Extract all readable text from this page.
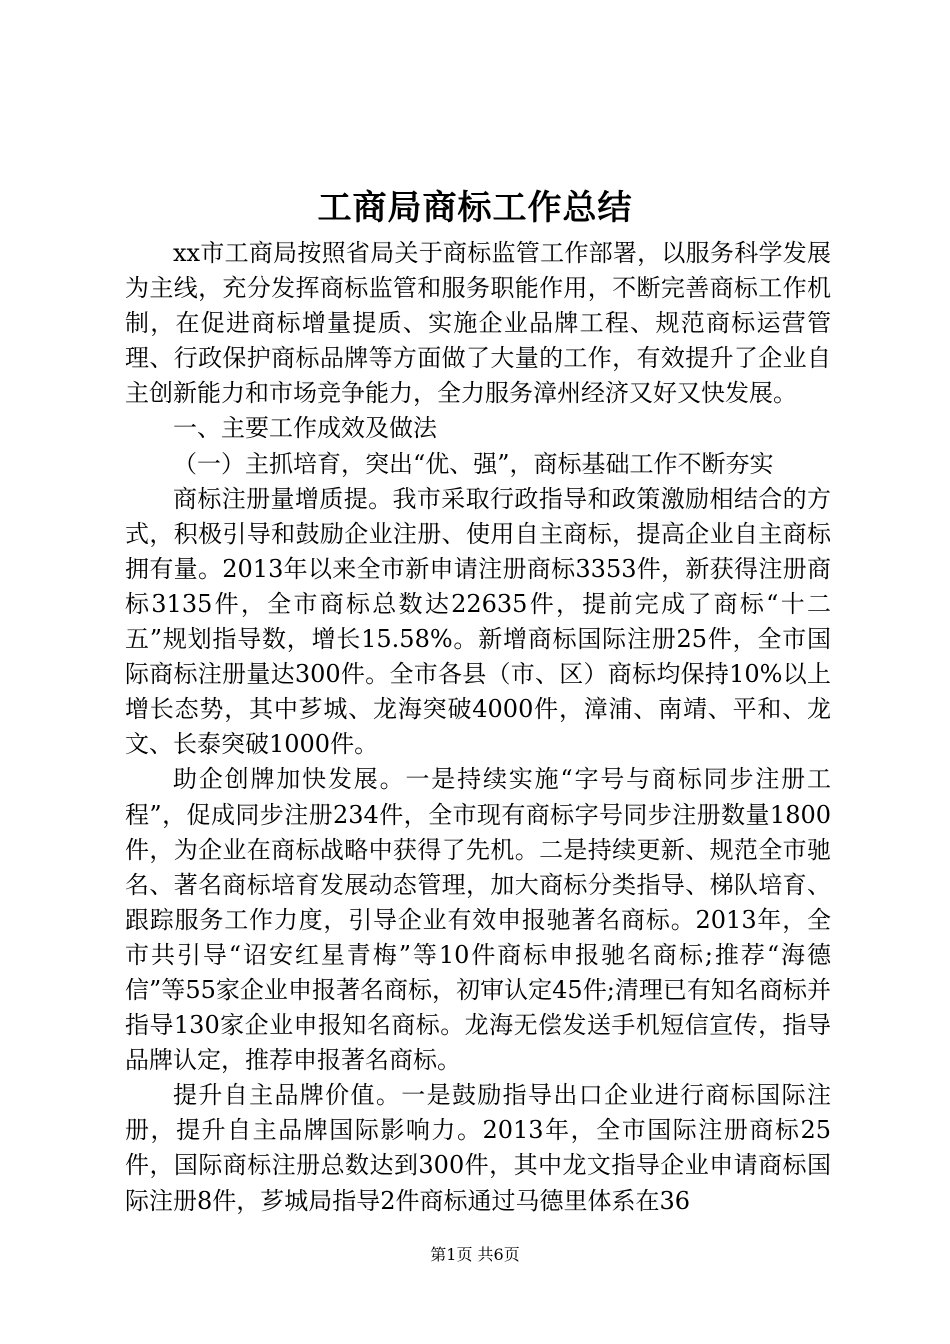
工商局商标工作总结

xx市工商局按照省局关于商标监管工作部署，以服务科学发展为主线，充分发挥商标监管和服务职能作用，不断完善商标工作机制，在促进商标增量提质、实施企业品牌工程、规范商标运营管理、行政保护商标品牌等方面做了大量的工作，有效提升了企业自主创新能力和市场竞争能力，全力服务漳州经济又好又快发展。

一、主要工作成效及做法

（一）主抓培育，突出“优、强”，商标基础工作不断夯实

商标注册量增质提。我市采取行政指导和政策激励相结合的方式，积极引导和鼓励企业注册、使用自主商标，提高企业自主商标拥有量。2013年以来全市新申请注册商标3353件，新获得注册商标3135件，全市商标总数达22635件，提前完成了商标“十二五”规划指导数，增长15.58%。新增商标国际注册25件，全市国际商标注册量达300件。全市各县（市、区）商标均保持10%以上增长态势，其中芗城、龙海突破4000件，漳浦、南靖、平和、龙文、长泰突破1000件。

助企创牌加快发展。一是持续实施“字号与商标同步注册工程”，促成同步注册234件，全市现有商标字号同步注册数量1800件，为企业在商标战略中获得了先机。二是持续更新、规范全市驰名、著名商标培育发展动态管理，加大商标分类指导、梯队培育、跟踪服务工作力度，引导企业有效申报驰著名商标。2013年，全市共引导“诏安红星青梅”等10件商标申报驰名商标;推荐“海德信”等55家企业申报著名商标，初审认定45件;清理已有知名商标并指导130家企业申报知名商标。龙海无偿发送手机短信宣传，指导品牌认定，推荐申报著名商标。

提升自主品牌价值。一是鼓励指导出口企业进行商标国际注册，提升自主品牌国际影响力。2013年，全市国际注册商标25件，国际商标注册总数达到300件，其中龙文指导企业申请商标国际注册8件，芗城局指导2件商标通过马德里体系在36

第1页 共6页
